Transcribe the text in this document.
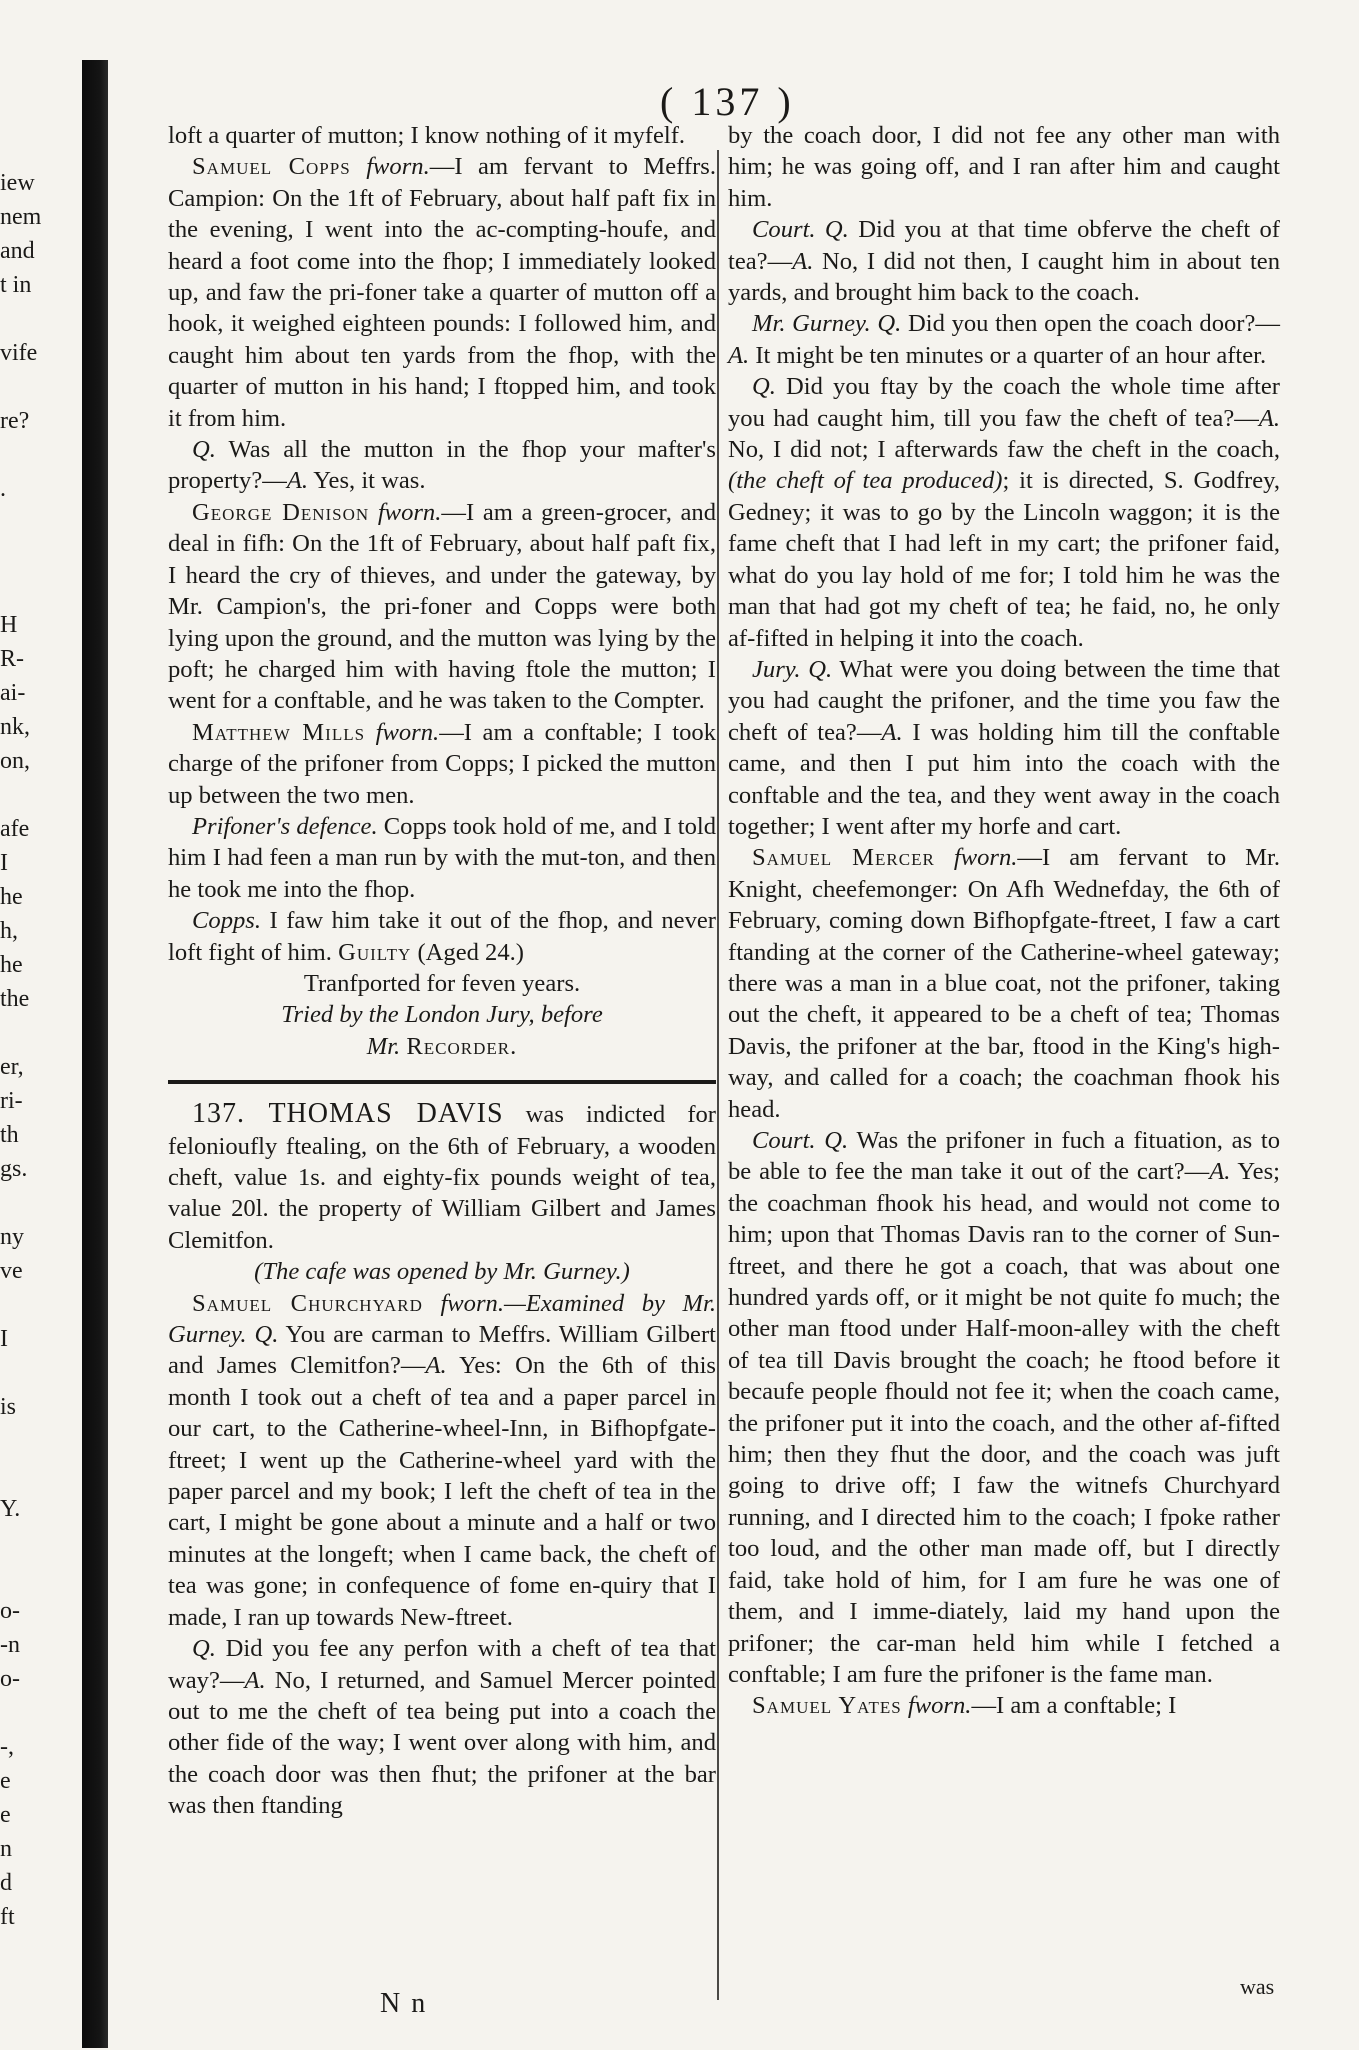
iew
nem
and
t in
vife
re?
.
H
R-
ai-
nk,
on,
afe
I
he
h,
he
the
er,
ri-
th
gs.
ny
ve
I
is
Y.
o-
-n
o-
-,
e
e
n
d
ft
( 137 )

loft a quarter of mutton; I know nothing of it myfelf.

Samuel Copps fworn.—I am fervant to Meffrs. Campion: On the 1ft of February, about half paft fix in the evening, I went into the ac-compting-houfe, and heard a foot come into the fhop; I immediately looked up, and faw the pri-foner take a quarter of mutton off a hook, it weighed eighteen pounds: I followed him, and caught him about ten yards from the fhop, with the quarter of mutton in his hand; I ftopped him, and took it from him.

Q. Was all the mutton in the fhop your mafter's property?—A. Yes, it was.

George Denison fworn.—I am a green-grocer, and deal in fifh: On the 1ft of February, about half paft fix, I heard the cry of thieves, and under the gateway, by Mr. Campion's, the pri-foner and Copps were both lying upon the ground, and the mutton was lying by the poft; he charged him with having ftole the mutton; I went for a conftable, and he was taken to the Compter.

Matthew Mills fworn.—I am a conftable; I took charge of the prifoner from Copps; I picked the mutton up between the two men.

Prifoner's defence. Copps took hold of me, and I told him I had feen a man run by with the mut-ton, and then he took me into the fhop.

Copps. I faw him take it out of the fhop, and never loft fight of him. Guilty (Aged 24.)

Tranfported for feven years.

Tried by the London Jury, before

Mr. Recorder.

137. THOMAS DAVIS was indicted for felonioufly ftealing, on the 6th of February, a wooden cheft, value 1s. and eighty-fix pounds weight of tea, value 20l. the property of William Gilbert and James Clemitfon.

(The cafe was opened by Mr. Gurney.)

Samuel Churchyard fworn.—Examined by Mr. Gurney. Q. You are carman to Meffrs. William Gilbert and James Clemitfon?—A. Yes: On the 6th of this month I took out a cheft of tea and a paper parcel in our cart, to the Catherine-wheel-Inn, in Bifhopfgate-ftreet; I went up the Catherine-wheel yard with the paper parcel and my book; I left the cheft of tea in the cart, I might be gone about a minute and a half or two minutes at the longeft; when I came back, the cheft of tea was gone; in confequence of fome en-quiry that I made, I ran up towards New-ftreet.

Q. Did you fee any perfon with a cheft of tea that way?—A. No, I returned, and Samuel Mercer pointed out to me the cheft of tea being put into a coach the other fide of the way; I went over along with him, and the coach door was then fhut; the prifoner at the bar was then ftanding

by the coach door, I did not fee any other man with him; he was going off, and I ran after him and caught him.

Court. Q. Did you at that time obferve the cheft of tea?—A. No, I did not then, I caught him in about ten yards, and brought him back to the coach.

Mr. Gurney. Q. Did you then open the coach door?—A. It might be ten minutes or a quarter of an hour after.

Q. Did you ftay by the coach the whole time after you had caught him, till you faw the cheft of tea?—A. No, I did not; I afterwards faw the cheft in the coach, (the cheft of tea produced); it is directed, S. Godfrey, Gedney; it was to go by the Lincoln waggon; it is the fame cheft that I had left in my cart; the prifoner faid, what do you lay hold of me for; I told him he was the man that had got my cheft of tea; he faid, no, he only af-fifted in helping it into the coach.

Jury. Q. What were you doing between the time that you had caught the prifoner, and the time you faw the cheft of tea?—A. I was holding him till the conftable came, and then I put him into the coach with the conftable and the tea, and they went away in the coach together; I went after my horfe and cart.

Samuel Mercer fworn.—I am fervant to Mr. Knight, cheefemonger: On Afh Wednefday, the 6th of February, coming down Bifhopfgate-ftreet, I faw a cart ftanding at the corner of the Catherine-wheel gateway; there was a man in a blue coat, not the prifoner, taking out the cheft, it appeared to be a cheft of tea; Thomas Davis, the prifoner at the bar, ftood in the King's high-way, and called for a coach; the coachman fhook his head.

Court. Q. Was the prifoner in fuch a fituation, as to be able to fee the man take it out of the cart?—A. Yes; the coachman fhook his head, and would not come to him; upon that Thomas Davis ran to the corner of Sun-ftreet, and there he got a coach, that was about one hundred yards off, or it might be not quite fo much; the other man ftood under Half-moon-alley with the cheft of tea till Davis brought the coach; he ftood before it becaufe people fhould not fee it; when the coach came, the prifoner put it into the coach, and the other af-fifted him; then they fhut the door, and the coach was juft going to drive off; I faw the witnefs Churchyard running, and I directed him to the coach; I fpoke rather too loud, and the other man made off, but I directly faid, take hold of him, for I am fure he was one of them, and I imme-diately, laid my hand upon the prifoner; the car-man held him while I fetched a conftable; I am fure the prifoner is the fame man.

Samuel Yates fworn.—I am a conftable; I

N n
was
